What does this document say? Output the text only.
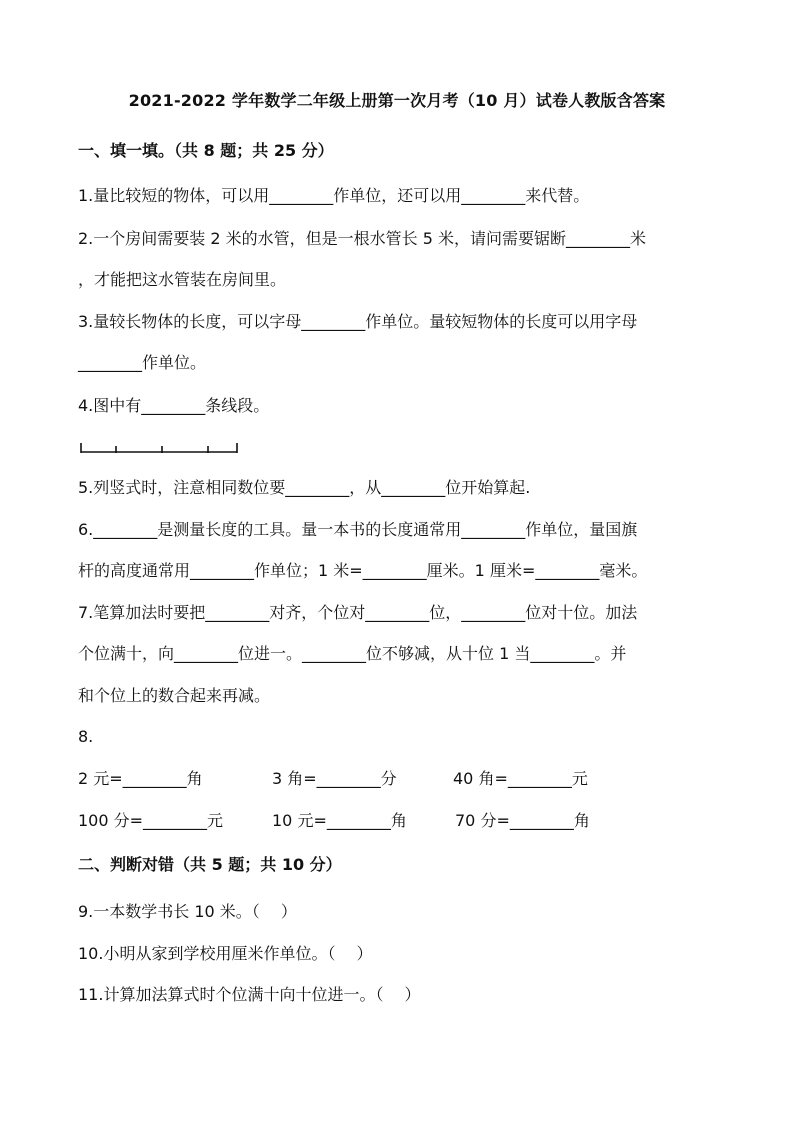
2021-2022 学年数学二年级上册第一次月考（10 月）试卷人教版含答案
一、填一填。（共 8 题；共 25 分）
1.量比较短的物体，可以用________作单位，还可以用________来代替。
2.一个房间需要装 2 米的水管，但是一根水管长 5 米，请问需要锯断________米
，才能把这水管装在房间里。
3.量较长物体的长度，可以字母________作单位。量较短物体的长度可以用字母
________作单位。
4.图中有________条线段。
5.列竖式时，注意相同数位要________，从________位开始算起.
6.________是测量长度的工具。量一本书的长度通常用________作单位，量国旗
杆的高度通常用________作单位；1 米=________厘米。1 厘米=________毫米。
7.笔算加法时要把________对齐，个位对________位，________位对十位。加法
个位满十，向________位进一。________位不够减，从十位 1 当________。并
和个位上的数合起来再减。
8.
2 元=________角	3 角=________分	40 角=________元
100 分=________元	10 元=________角	70 分=________角
二、判断对错（共 5 题；共 10 分）
9.一本数学书长 10 米。（　 ）
10.小明从家到学校用厘米作单位。（　 ）
11.计算加法算式时个位满十向十位进一。（　 ）
